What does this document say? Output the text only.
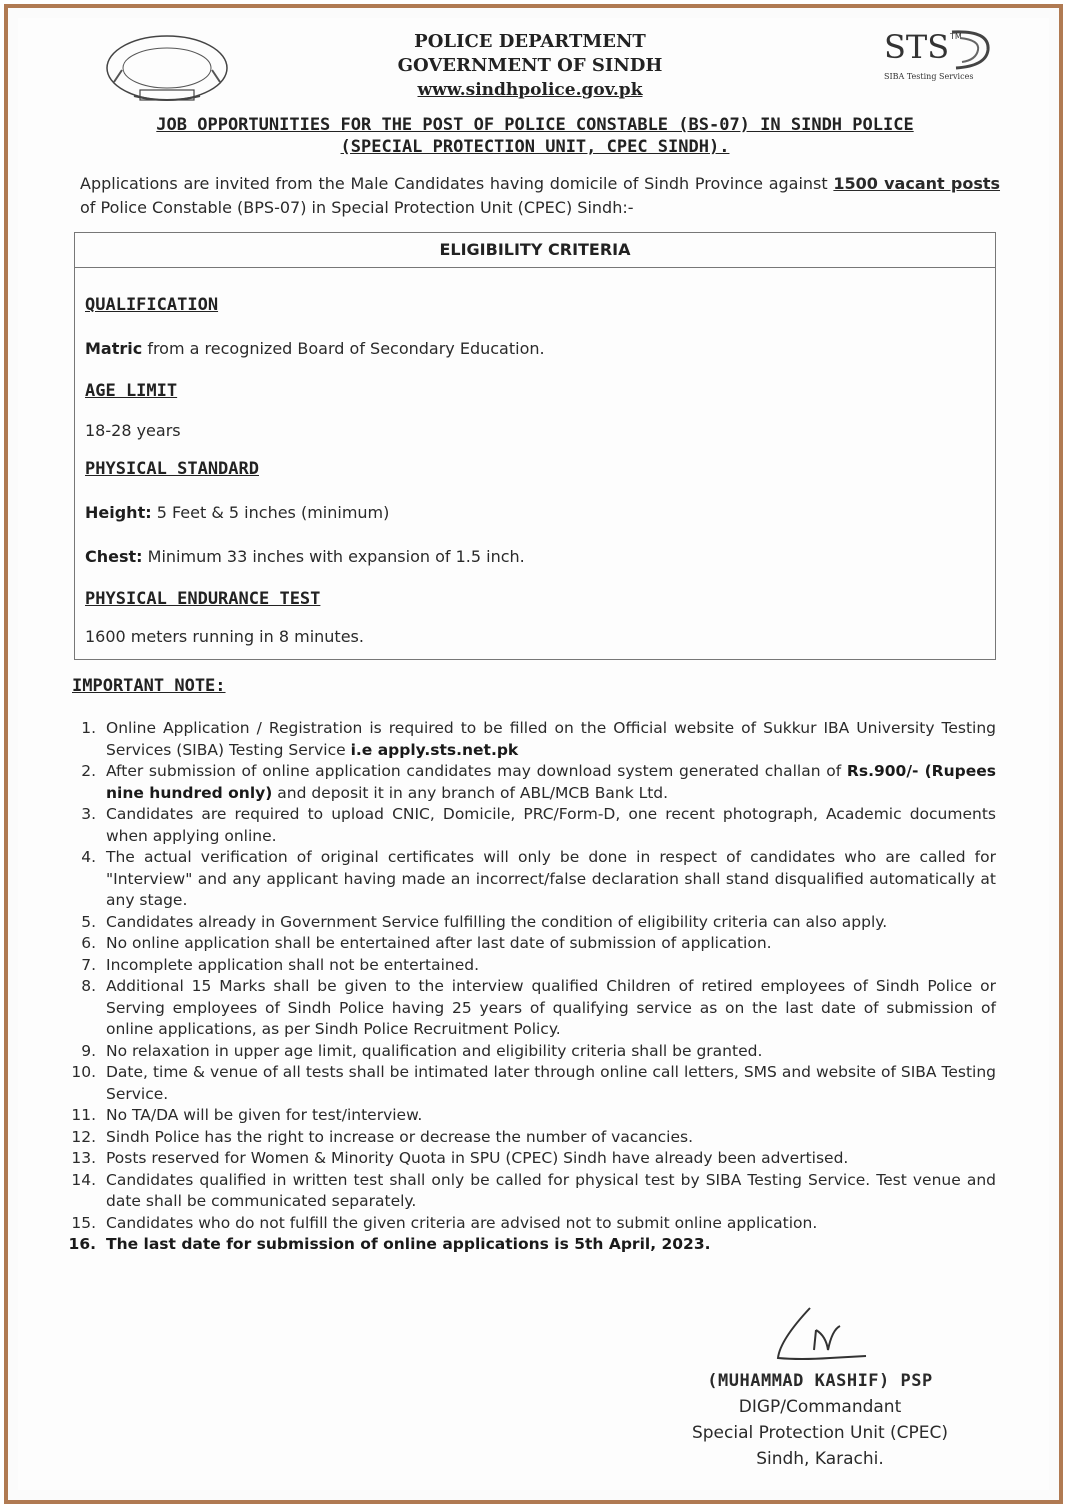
POLICE DEPARTMENT
GOVERNMENT OF SINDH
www.sindhpolice.gov.pk
STS TM
SIBA Testing Services
JOB OPPORTUNITIES FOR THE POST OF POLICE CONSTABLE (BS-07) IN SINDH POLICE
(SPECIAL PROTECTION UNIT, CPEC SINDH).
Applications are invited from the Male Candidates having domicile of Sindh Province against 1500 vacant posts of Police Constable (BPS-07) in Special Protection Unit (CPEC) Sindh:-
ELIGIBILITY CRITERIA
QUALIFICATION
Matric from a recognized Board of Secondary Education.
AGE LIMIT
18-28 years
PHYSICAL STANDARD
Height: 5 Feet & 5 inches (minimum)
Chest: Minimum 33 inches with expansion of 1.5 inch.
PHYSICAL ENDURANCE TEST
1600 meters running in 8 minutes.
IMPORTANT NOTE:
1. Online Application / Registration is required to be filled on the Official website of Sukkur IBA University Testing Services (SIBA) Testing Service i.e apply.sts.net.pk
2. After submission of online application candidates may download system generated challan of Rs.900/- (Rupees nine hundred only) and deposit it in any branch of ABL/MCB Bank Ltd.
3. Candidates are required to upload CNIC, Domicile, PRC/Form-D, one recent photograph, Academic documents when applying online.
4. The actual verification of original certificates will only be done in respect of candidates who are called for "Interview" and any applicant having made an incorrect/false declaration shall stand disqualified automatically at any stage.
5. Candidates already in Government Service fulfilling the condition of eligibility criteria can also apply.
6. No online application shall be entertained after last date of submission of application.
7. Incomplete application shall not be entertained.
8. Additional 15 Marks shall be given to the interview qualified Children of retired employees of Sindh Police or Serving employees of Sindh Police having 25 years of qualifying service as on the last date of submission of online applications, as per Sindh Police Recruitment Policy.
9. No relaxation in upper age limit, qualification and eligibility criteria shall be granted.
10. Date, time & venue of all tests shall be intimated later through online call letters, SMS and website of SIBA Testing Service.
11. No TA/DA will be given for test/interview.
12. Sindh Police has the right to increase or decrease the number of vacancies.
13. Posts reserved for Women & Minority Quota in SPU (CPEC) Sindh have already been advertised.
14. Candidates qualified in written test shall only be called for physical test by SIBA Testing Service. Test venue and date shall be communicated separately.
15. Candidates who do not fulfill the given criteria are advised not to submit online application.
16. The last date for submission of online applications is 5th April, 2023.
(MUHAMMAD KASHIF) PSP
DIGP/Commandant
Special Protection Unit (CPEC)
Sindh, Karachi.
